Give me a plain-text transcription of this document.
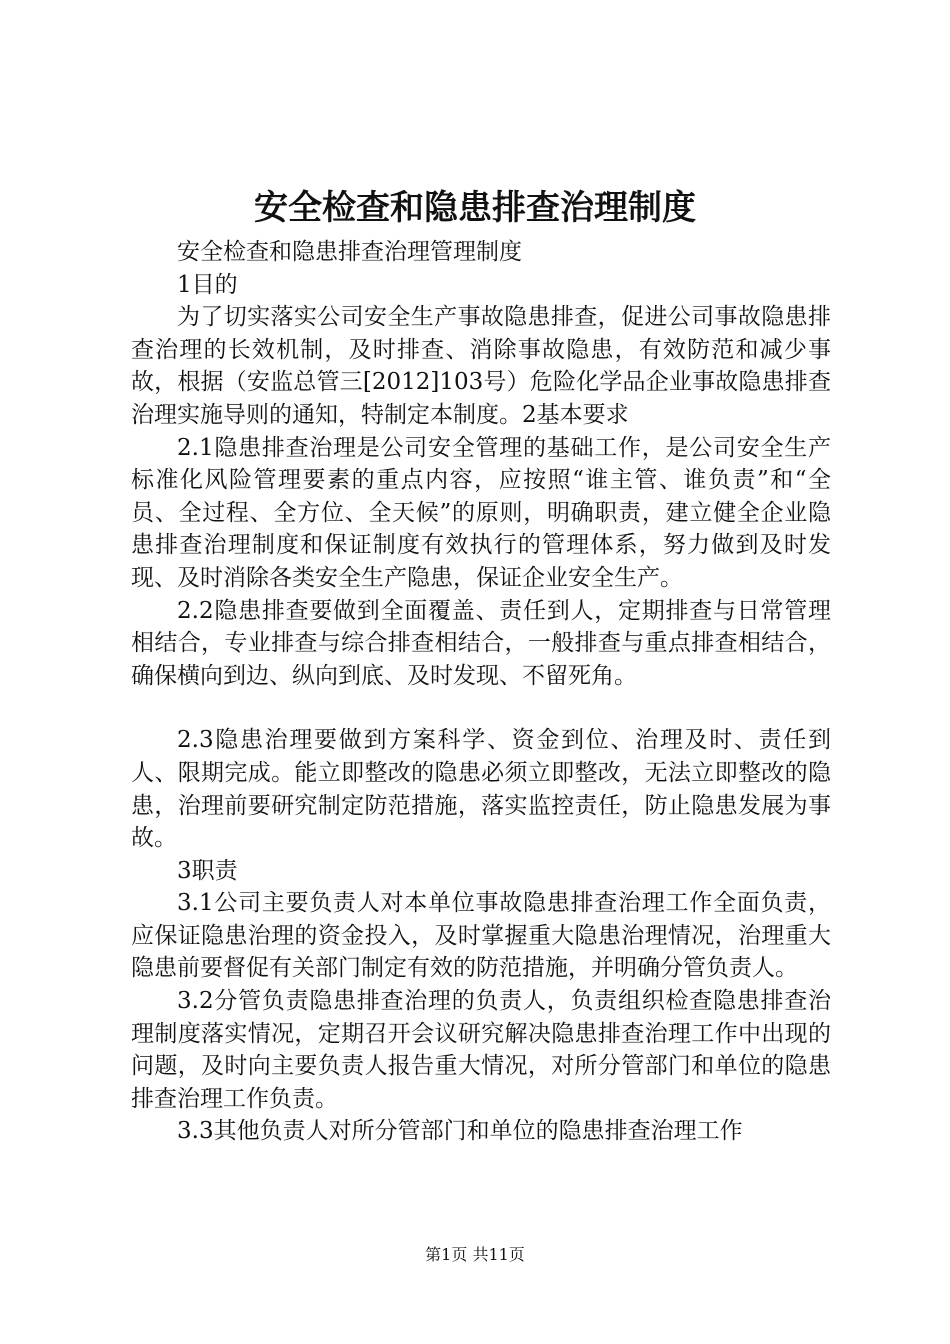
安全检查和隐患排查治理制度

安全检查和隐患排查治理管理制度

1目的

为了切实落实公司安全生产事故隐患排查，促进公司事故隐患排查治理的长效机制，及时排查、消除事故隐患，有效防范和减少事故，根据（安监总管三[2012]103号）危险化学品企业事故隐患排查治理实施导则的通知，特制定本制度。2基本要求

2.1隐患排查治理是公司安全管理的基础工作，是公司安全生产标准化风险管理要素的重点内容，应按照“谁主管、谁负责”和“全员、全过程、全方位、全天候”的原则，明确职责，建立健全企业隐患排查治理制度和保证制度有效执行的管理体系，努力做到及时发现、及时消除各类安全生产隐患，保证企业安全生产。

2.2隐患排查要做到全面覆盖、责任到人，定期排查与日常管理相结合，专业排查与综合排查相结合，一般排查与重点排查相结合，确保横向到边、纵向到底、及时发现、不留死角。

2.3隐患治理要做到方案科学、资金到位、治理及时、责任到人、限期完成。能立即整改的隐患必须立即整改，无法立即整改的隐患，治理前要研究制定防范措施，落实监控责任，防止隐患发展为事故。

3职责

3.1公司主要负责人对本单位事故隐患排查治理工作全面负责，应保证隐患治理的资金投入，及时掌握重大隐患治理情况，治理重大隐患前要督促有关部门制定有效的防范措施，并明确分管负责人。

3.2分管负责隐患排查治理的负责人，负责组织检查隐患排查治理制度落实情况，定期召开会议研究解决隐患排查治理工作中出现的问题，及时向主要负责人报告重大情况，对所分管部门和单位的隐患排查治理工作负责。

3.3其他负责人对所分管部门和单位的隐患排查治理工作

第1页 共11页
